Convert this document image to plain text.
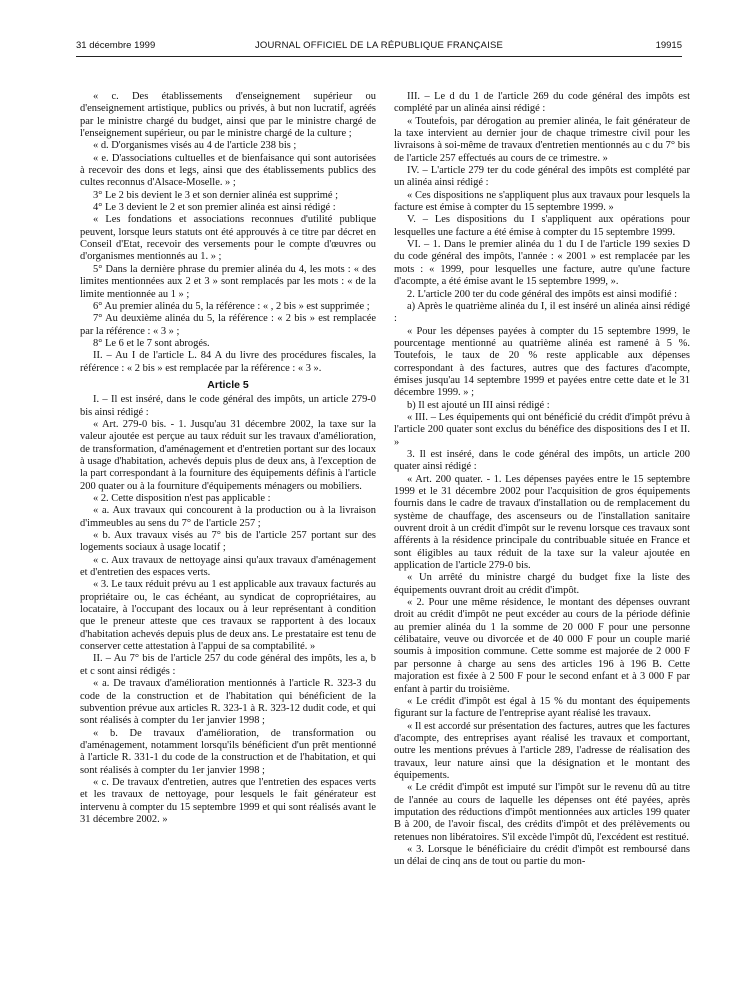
31 décembre 1999	JOURNAL OFFICIEL DE LA RÉPUBLIQUE FRANÇAISE	19915

« c. Des établissements d'enseignement supérieur ou d'enseignement artistique, publics ou privés, à but non lucratif, agréés par le ministre chargé du budget, ainsi que par le ministre chargé de l'enseignement supérieur, ou par le ministre chargé de la culture ;

« d. D'organismes visés au 4 de l'article 238 bis ;

« e. D'associations cultuelles et de bienfaisance qui sont autorisées à recevoir des dons et legs, ainsi que des établissements publics des cultes reconnus d'Alsace-Moselle. » ;

3° Le 2 bis devient le 3 et son dernier alinéa est supprimé ;

4° Le 3 devient le 2 et son premier alinéa est ainsi rédigé :

« Les fondations et associations reconnues d'utilité publique peuvent, lorsque leurs statuts ont été approuvés à ce titre par décret en Conseil d'Etat, recevoir des versements pour le compte d'œuvres ou d'organismes mentionnés au 1. » ;

5° Dans la dernière phrase du premier alinéa du 4, les mots : « des limites mentionnées aux 2 et 3 » sont remplacés par les mots : « de la limite mentionnée au 1 » ;

6° Au premier alinéa du 5, la référence : « , 2 bis » est supprimée ;

7° Au deuxième alinéa du 5, la référence : « 2 bis » est remplacée par la référence : « 3 » ;

8° Le 6 et le 7 sont abrogés.

II. – Au I de l'article L. 84 A du livre des procédures fiscales, la référence : « 2 bis » est remplacée par la référence : « 3 ».

Article 5

I. – Il est inséré, dans le code général des impôts, un article 279-0 bis ainsi rédigé :

« Art. 279-0 bis. - 1. Jusqu'au 31 décembre 2002, la taxe sur la valeur ajoutée est perçue au taux réduit sur les travaux d'amélioration, de transformation, d'aménagement et d'entretien portant sur des locaux à usage d'habitation, achevés depuis plus de deux ans, à l'exception de la part correspondant à la fourniture des équipements définis à l'article 200 quater ou à la fourniture d'équipements ménagers ou mobiliers.

« 2. Cette disposition n'est pas applicable :

« a. Aux travaux qui concourent à la production ou à la livraison d'immeubles au sens du 7° de l'article 257 ;

« b. Aux travaux visés au 7° bis de l'article 257 portant sur des logements sociaux à usage locatif ;

« c. Aux travaux de nettoyage ainsi qu'aux travaux d'aménagement et d'entretien des espaces verts.

« 3. Le taux réduit prévu au 1 est applicable aux travaux facturés au propriétaire ou, le cas échéant, au syndicat de copropriétaires, au locataire, à l'occupant des locaux ou à leur représentant à condition que le preneur atteste que ces travaux se rapportent à des locaux d'habitation achevés depuis plus de deux ans. Le prestataire est tenu de conserver cette attestation à l'appui de sa comptabilité. »

II. – Au 7° bis de l'article 257 du code général des impôts, les a, b et c sont ainsi rédigés :

« a. De travaux d'amélioration mentionnés à l'article R. 323-3 du code de la construction et de l'habitation qui bénéficient de la subvention prévue aux articles R. 323-1 à R. 323-12 dudit code, et qui sont réalisés à compter du 1er janvier 1998 ;

« b. De travaux d'amélioration, de transformation ou d'aménagement, notamment lorsqu'ils bénéficient d'un prêt mentionné à l'article R. 331-1 du code de la construction et de l'habitation, et qui sont réalisés à compter du 1er janvier 1998 ;

« c. De travaux d'entretien, autres que l'entretien des espaces verts et les travaux de nettoyage, pour lesquels le fait générateur est intervenu à compter du 15 septembre 1999 et qui sont réalisés avant le 31 décembre 2002. »

III. – Le d du 1 de l'article 269 du code général des impôts est complété par un alinéa ainsi rédigé :

« Toutefois, par dérogation au premier alinéa, le fait générateur de la taxe intervient au dernier jour de chaque trimestre civil pour les livraisons à soi-même de travaux d'entretien mentionnés au c du 7° bis de l'article 257 effectués au cours de ce trimestre. »

IV. – L'article 279 ter du code général des impôts est complété par un alinéa ainsi rédigé :

« Ces dispositions ne s'appliquent plus aux travaux pour lesquels la facture est émise à compter du 15 septembre 1999. »

V. – Les dispositions du I s'appliquent aux opérations pour lesquelles une facture a été émise à compter du 15 septembre 1999.

VI. – 1. Dans le premier alinéa du 1 du I de l'article 199 sexies D du code général des impôts, l'année : « 2001 » est remplacée par les mots : « 1999, pour lesquelles une facture, autre qu'une facture d'acompte, a été émise avant le 15 septembre 1999, ».

2. L'article 200 ter du code général des impôts est ainsi modifié :

a) Après le quatrième alinéa du I, il est inséré un alinéa ainsi rédigé :

« Pour les dépenses payées à compter du 15 septembre 1999, le pourcentage mentionné au quatrième alinéa est ramené à 5 %. Toutefois, le taux de 20 % reste applicable aux dépenses correspondant à des factures, autres que des factures d'acompte, émises jusqu'au 14 septembre 1999 et payées entre cette date et le 31 décembre 1999. » ;

b) Il est ajouté un III ainsi rédigé :

« III. – Les équipements qui ont bénéficié du crédit d'impôt prévu à l'article 200 quater sont exclus du bénéfice des dispositions des I et II. »

3. Il est inséré, dans le code général des impôts, un article 200 quater ainsi rédigé :

« Art. 200 quater. - 1. Les dépenses payées entre le 15 septembre 1999 et le 31 décembre 2002 pour l'acquisition de gros équipements fournis dans le cadre de travaux d'installation ou de remplacement du système de chauffage, des ascenseurs ou de l'installation sanitaire ouvrent droit à un crédit d'impôt sur le revenu lorsque ces travaux sont afférents à la résidence principale du contribuable située en France et sont éligibles au taux réduit de la taxe sur la valeur ajoutée en application de l'article 279-0 bis.

« Un arrêté du ministre chargé du budget fixe la liste des équipements ouvrant droit au crédit d'impôt.

« 2. Pour une même résidence, le montant des dépenses ouvrant droit au crédit d'impôt ne peut excéder au cours de la période définie au premier alinéa du 1 la somme de 20 000 F pour une personne célibataire, veuve ou divorcée et de 40 000 F pour un couple marié soumis à imposition commune. Cette somme est majorée de 2 000 F par personne à charge au sens des articles 196 à 196 B. Cette majoration est fixée à 2 500 F pour le second enfant et à 3 000 F par enfant à partir du troisième.

« Le crédit d'impôt est égal à 15 % du montant des équipements figurant sur la facture de l'entreprise ayant réalisé les travaux.

« Il est accordé sur présentation des factures, autres que les factures d'acompte, des entreprises ayant réalisé les travaux et comportant, outre les mentions prévues à l'article 289, l'adresse de réalisation des travaux, leur nature ainsi que la désignation et le montant des équipements.

« Le crédit d'impôt est imputé sur l'impôt sur le revenu dû au titre de l'année au cours de laquelle les dépenses ont été payées, après imputation des réductions d'impôt mentionnées aux articles 199 quater B à 200, de l'avoir fiscal, des crédits d'impôt et des prélèvements ou retenues non libératoires. S'il excède l'impôt dû, l'excédent est restitué.

« 3. Lorsque le bénéficiaire du crédit d'impôt est remboursé dans un délai de cinq ans de tout ou partie du mon-
